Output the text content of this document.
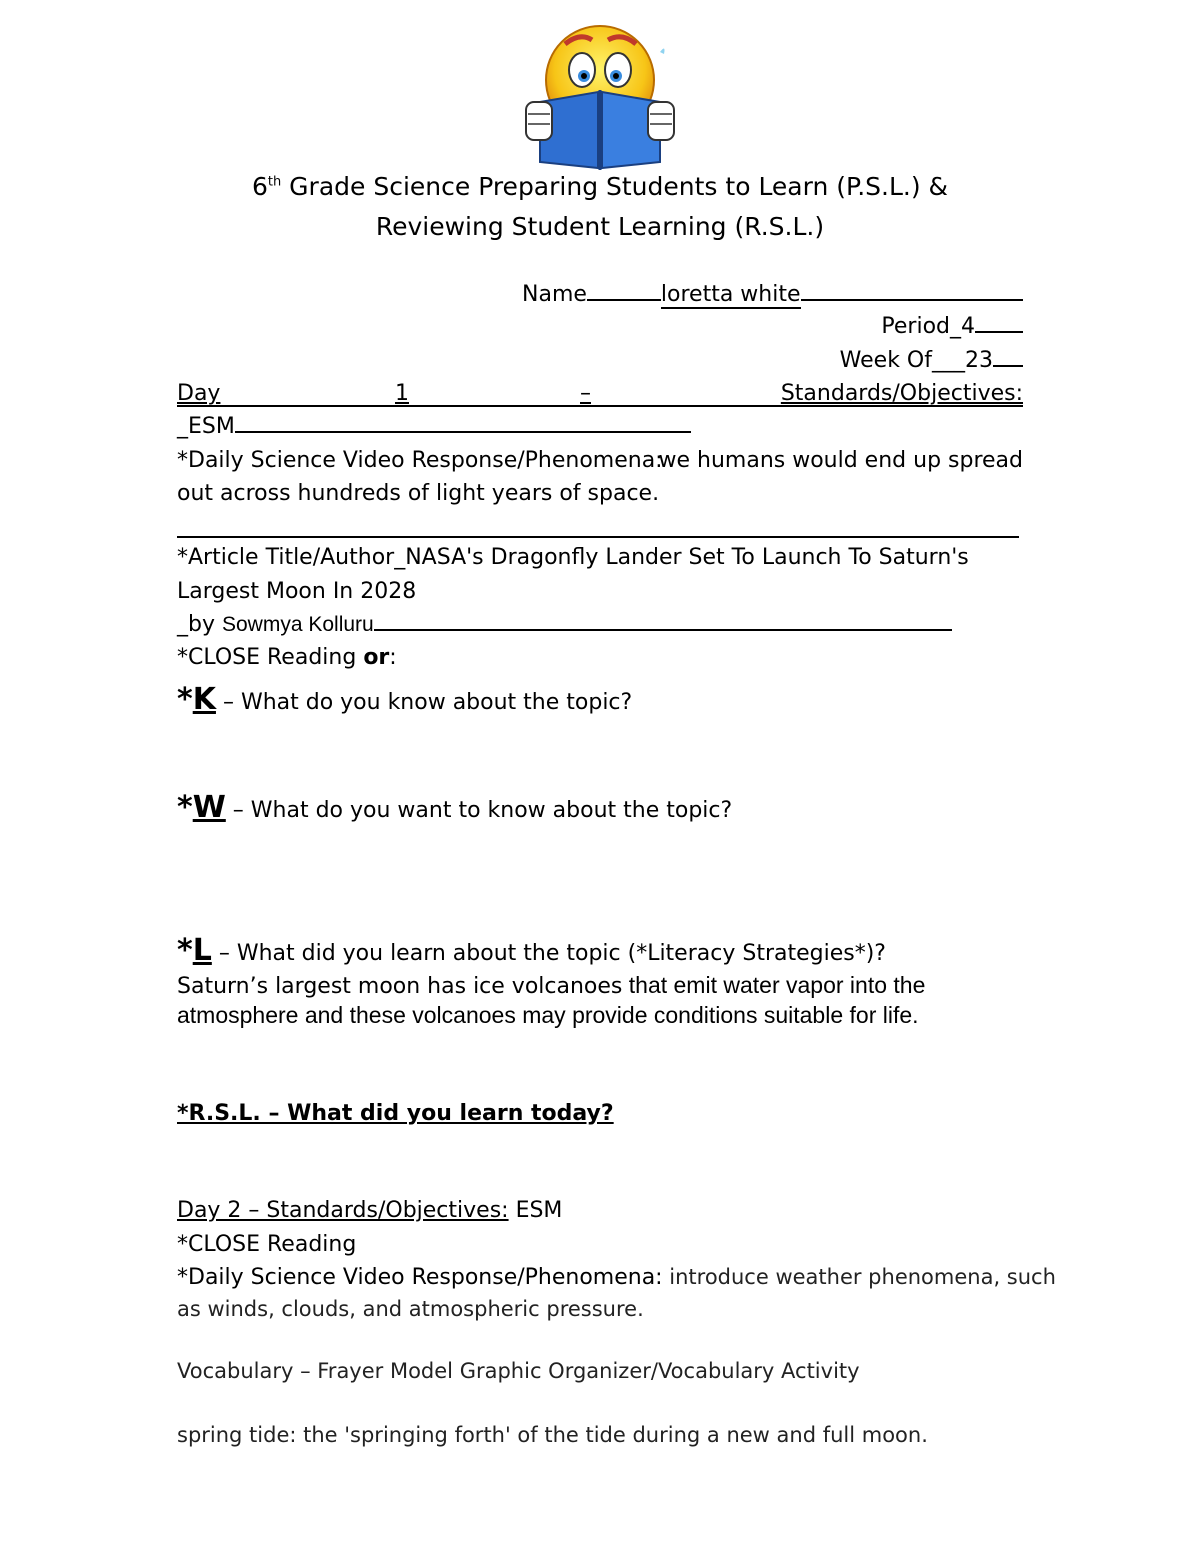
6th Grade Science Preparing Students to Learn (P.S.L.) &
Reviewing Student Learning (R.S.L.)
Name	loretta white
Period_4
Week Of___23
Day	1	–	Standards/Objectives:
_ESM
*Daily Science Video Response/Phenomena:
we humans would end up spread
out across hundreds of light years of space.
*Article Title/Author_NASA's Dragonfly Lander Set To Launch To Saturn's
Largest Moon In 2028
_by Sowmya Kolluru
*CLOSE Reading or:
*K – What do you know about the topic?
*W – What do you want to know about the topic?
*L – What did you learn about the topic (*Literacy Strategies*)?
Saturn’s largest moon has ice volcanoes that emit water vapor into the
atmosphere and these volcanoes may provide conditions suitable for life.
*R.S.L. – What did you learn today?
Day 2 – Standards/Objectives: ESM
*CLOSE Reading
*Daily Science Video Response/Phenomena: introduce weather phenomena, such
as winds, clouds, and atmospheric pressure.
Vocabulary – Frayer Model Graphic Organizer/Vocabulary Activity
spring tide: the 'springing forth' of the tide during a new and full moon.
